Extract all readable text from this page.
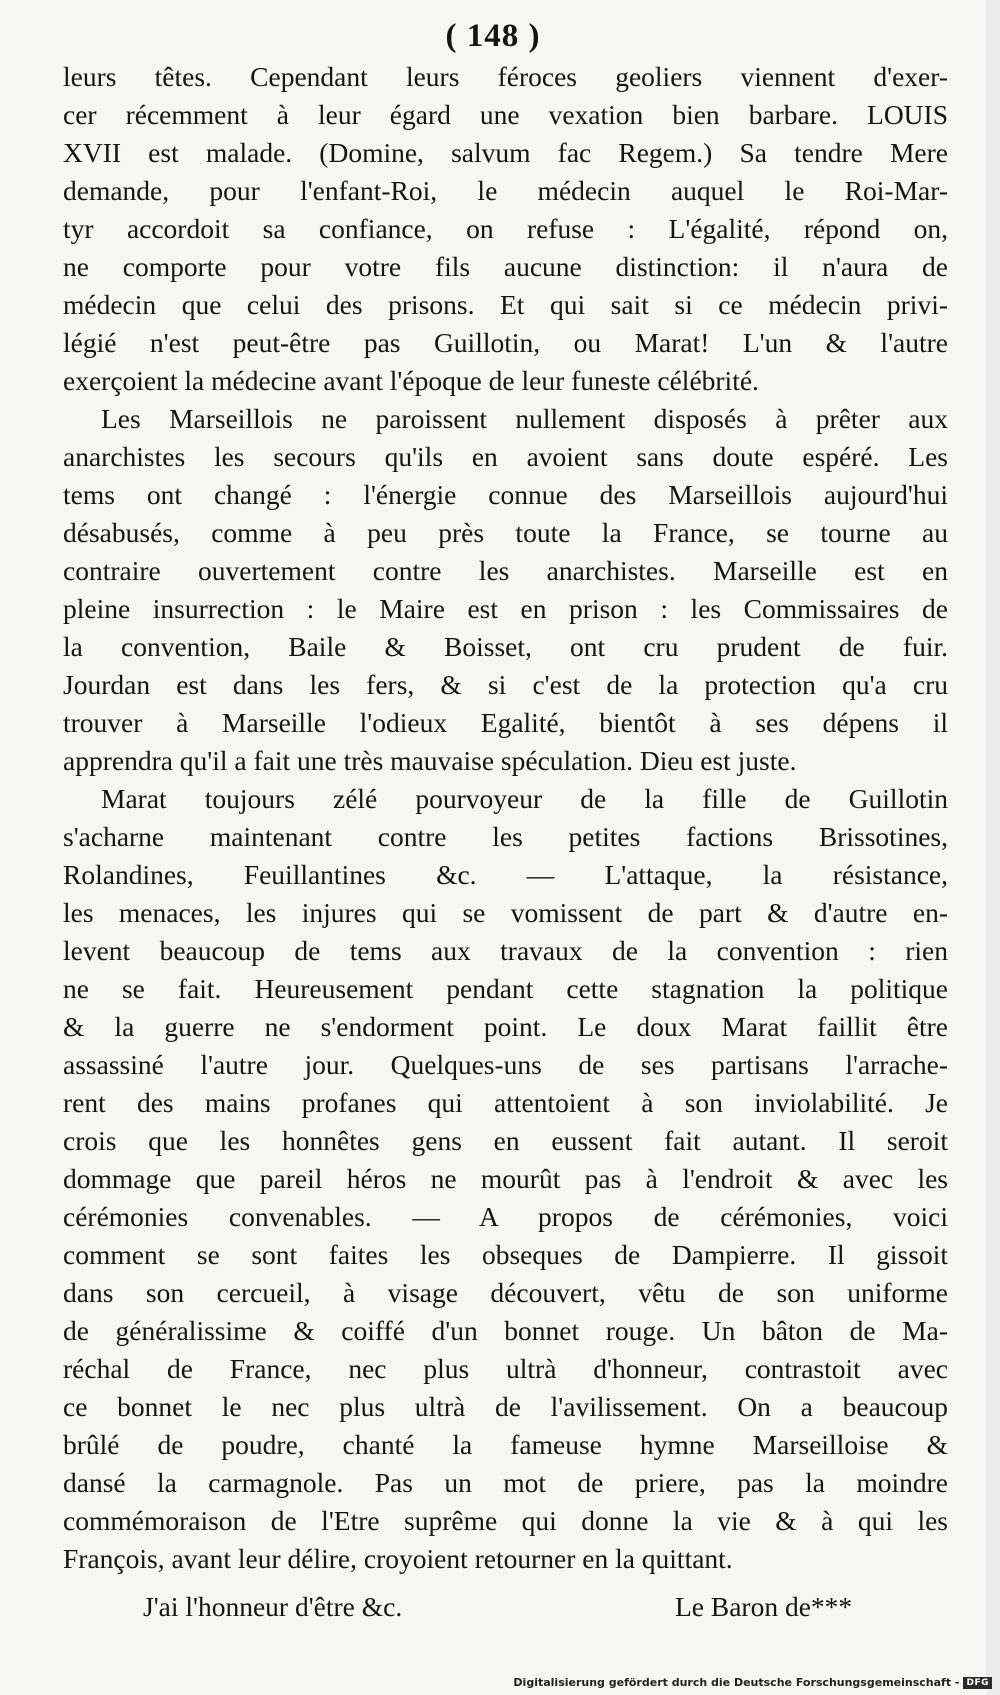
( 148 )
leurs têtes. Cependant leurs féroces geoliers viennent d'exer-
cer récemment à leur égard une vexation bien barbare. LOUIS
XVII est malade. (Domine, salvum fac Regem.) Sa tendre Mere
demande, pour l'enfant-Roi, le médecin auquel le Roi-Mar-
tyr accordoit sa confiance, on refuse : L'égalité, répond on,
ne comporte pour votre fils aucune distinction: il n'aura de
médecin que celui des prisons. Et qui sait si ce médecin privi-
légié n'est peut-être pas Guillotin, ou Marat! L'un & l'autre
exerçoient la médecine avant l'époque de leur funeste célébrité.
Les Marseillois ne paroissent nullement disposés à prêter aux
anarchistes les secours qu'ils en avoient sans doute espéré. Les
tems ont changé : l'énergie connue des Marseillois aujourd'hui
désabusés, comme à peu près toute la France, se tourne au
contraire ouvertement contre les anarchistes. Marseille est en
pleine insurrection : le Maire est en prison : les Commissaires de
la convention, Baile & Boisset, ont cru prudent de fuir.
Jourdan est dans les fers, & si c'est de la protection qu'a cru
trouver à Marseille l'odieux Egalité, bientôt à ses dépens il
apprendra qu'il a fait une très mauvaise spéculation. Dieu est juste.
Marat toujours zélé pourvoyeur de la fille de Guillotin
s'acharne maintenant contre les petites factions Brissotines,
Rolandines, Feuillantines &c. — L'attaque, la résistance,
les menaces, les injures qui se vomissent de part & d'autre en-
levent beaucoup de tems aux travaux de la convention : rien
ne se fait. Heureusement pendant cette stagnation la politique
& la guerre ne s'endorment point. Le doux Marat faillit être
assassiné l'autre jour. Quelques-uns de ses partisans l'arrache-
rent des mains profanes qui attentoient à son inviolabilité. Je
crois que les honnêtes gens en eussent fait autant. Il seroit
dommage que pareil héros ne mourût pas à l'endroit & avec les
cérémonies convenables. — A propos de cérémonies, voici
comment se sont faites les obseques de Dampierre. Il gissoit
dans son cercueil, à visage découvert, vêtu de son uniforme
de généralissime & coiffé d'un bonnet rouge. Un bâton de Ma-
réchal de France, nec plus ultrà d'honneur, contrastoit avec
ce bonnet le nec plus ultrà de l'avilissement. On a beaucoup
brûlé de poudre, chanté la fameuse hymne Marseilloise &
dansé la carmagnole. Pas un mot de priere, pas la moindre
commémoraison de l'Etre suprême qui donne la vie & à qui les
François, avant leur délire, croyoient retourner en la quittant.
J'ai l'honneur d'être &c.	Le Baron de***
Digitalisierung gefördert durch die Deutsche Forschungsgemeinschaft - DFG
